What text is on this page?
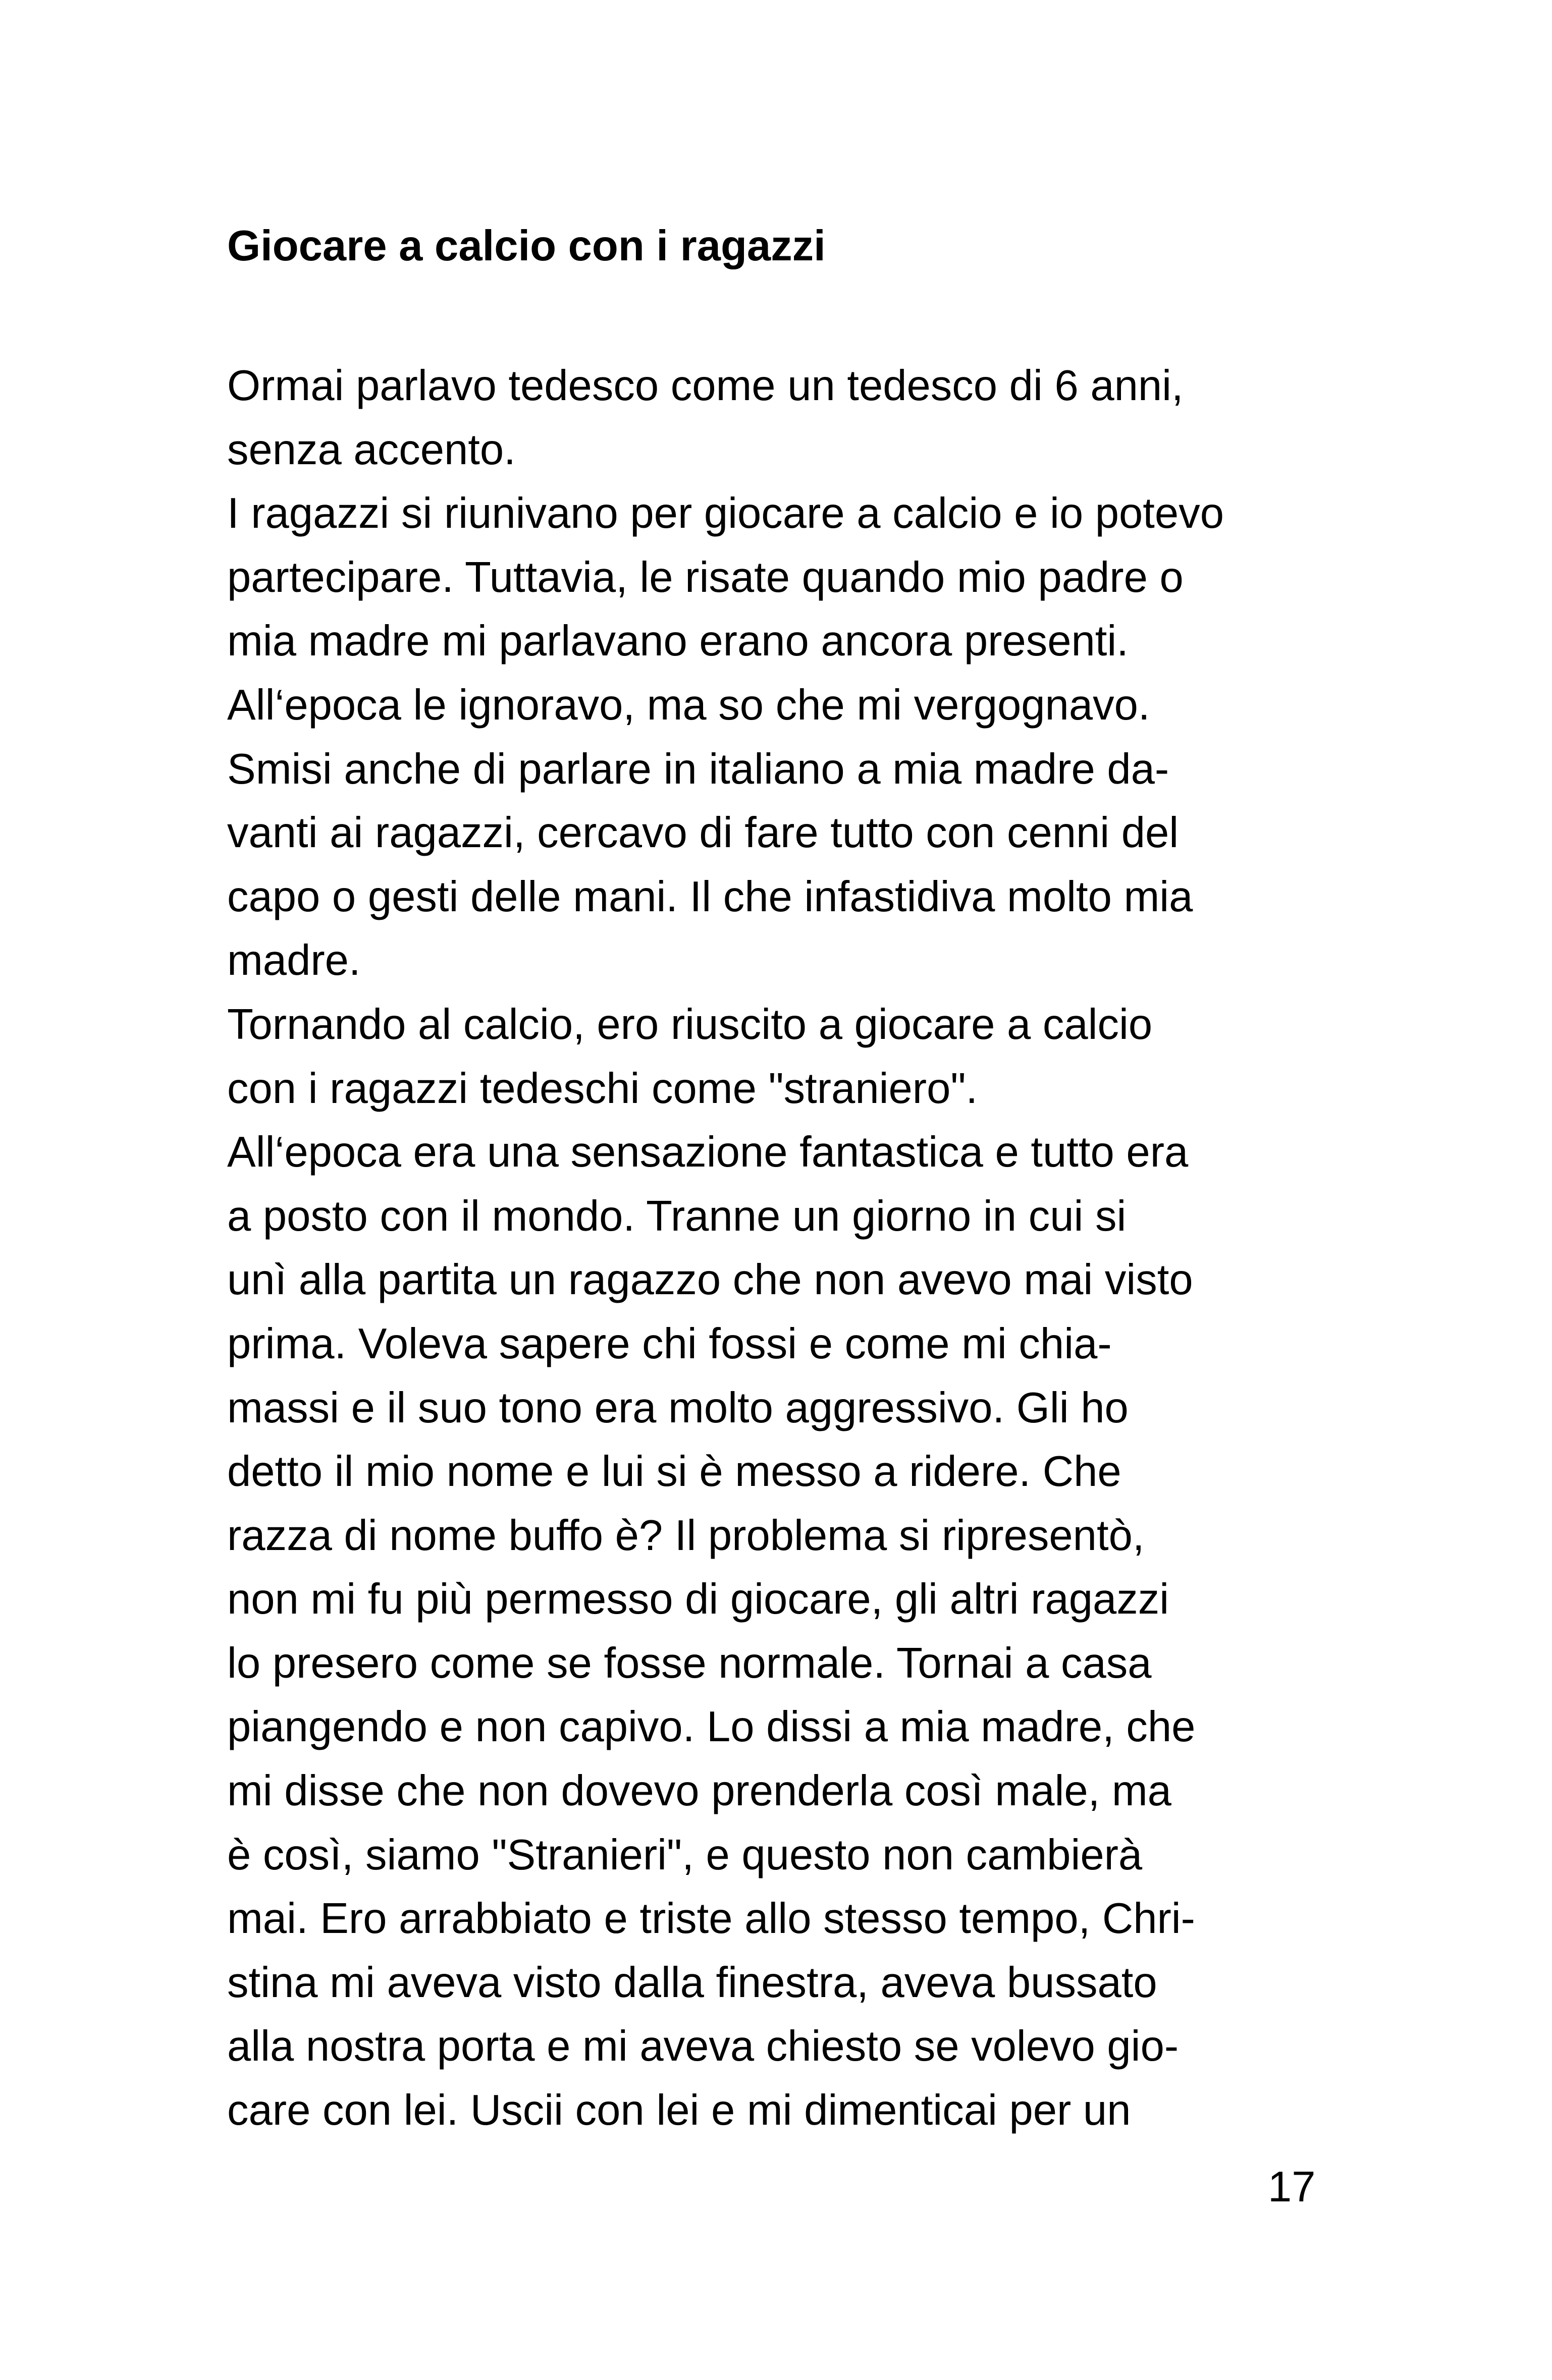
Giocare a calcio con i ragazzi
Ormai parlavo tedesco come un tedesco di 6 anni,
senza accento.
I ragazzi si riunivano per giocare a calcio e io potevo
partecipare. Tuttavia, le risate quando mio padre o
mia madre mi parlavano erano ancora presenti.
All‘epoca le ignoravo, ma so che mi vergognavo.
Smisi anche di parlare in italiano a mia madre da-
vanti ai ragazzi, cercavo di fare tutto con cenni del
capo o gesti delle mani. Il che infastidiva molto mia
madre.
Tornando al calcio, ero riuscito a giocare a calcio
con i ragazzi tedeschi come "straniero".
All‘epoca era una sensazione fantastica e tutto era
a posto con il mondo. Tranne un giorno in cui si
unì alla partita un ragazzo che non avevo mai visto
prima. Voleva sapere chi fossi e come mi chia-
massi e il suo tono era molto aggressivo. Gli ho
detto il mio nome e lui si è messo a ridere. Che
razza di nome buffo è? Il problema si ripresentò,
non mi fu più permesso di giocare, gli altri ragazzi
lo presero come se fosse normale. Tornai a casa
piangendo e non capivo. Lo dissi a mia madre, che
mi disse che non dovevo prenderla così male, ma
è così, siamo "Stranieri", e questo non cambierà
mai. Ero arrabbiato e triste allo stesso tempo, Chri-
stina mi aveva visto dalla finestra, aveva bussato
alla nostra porta e mi aveva chiesto se volevo gio-
care con lei. Uscii con lei e mi dimenticai per un
17
